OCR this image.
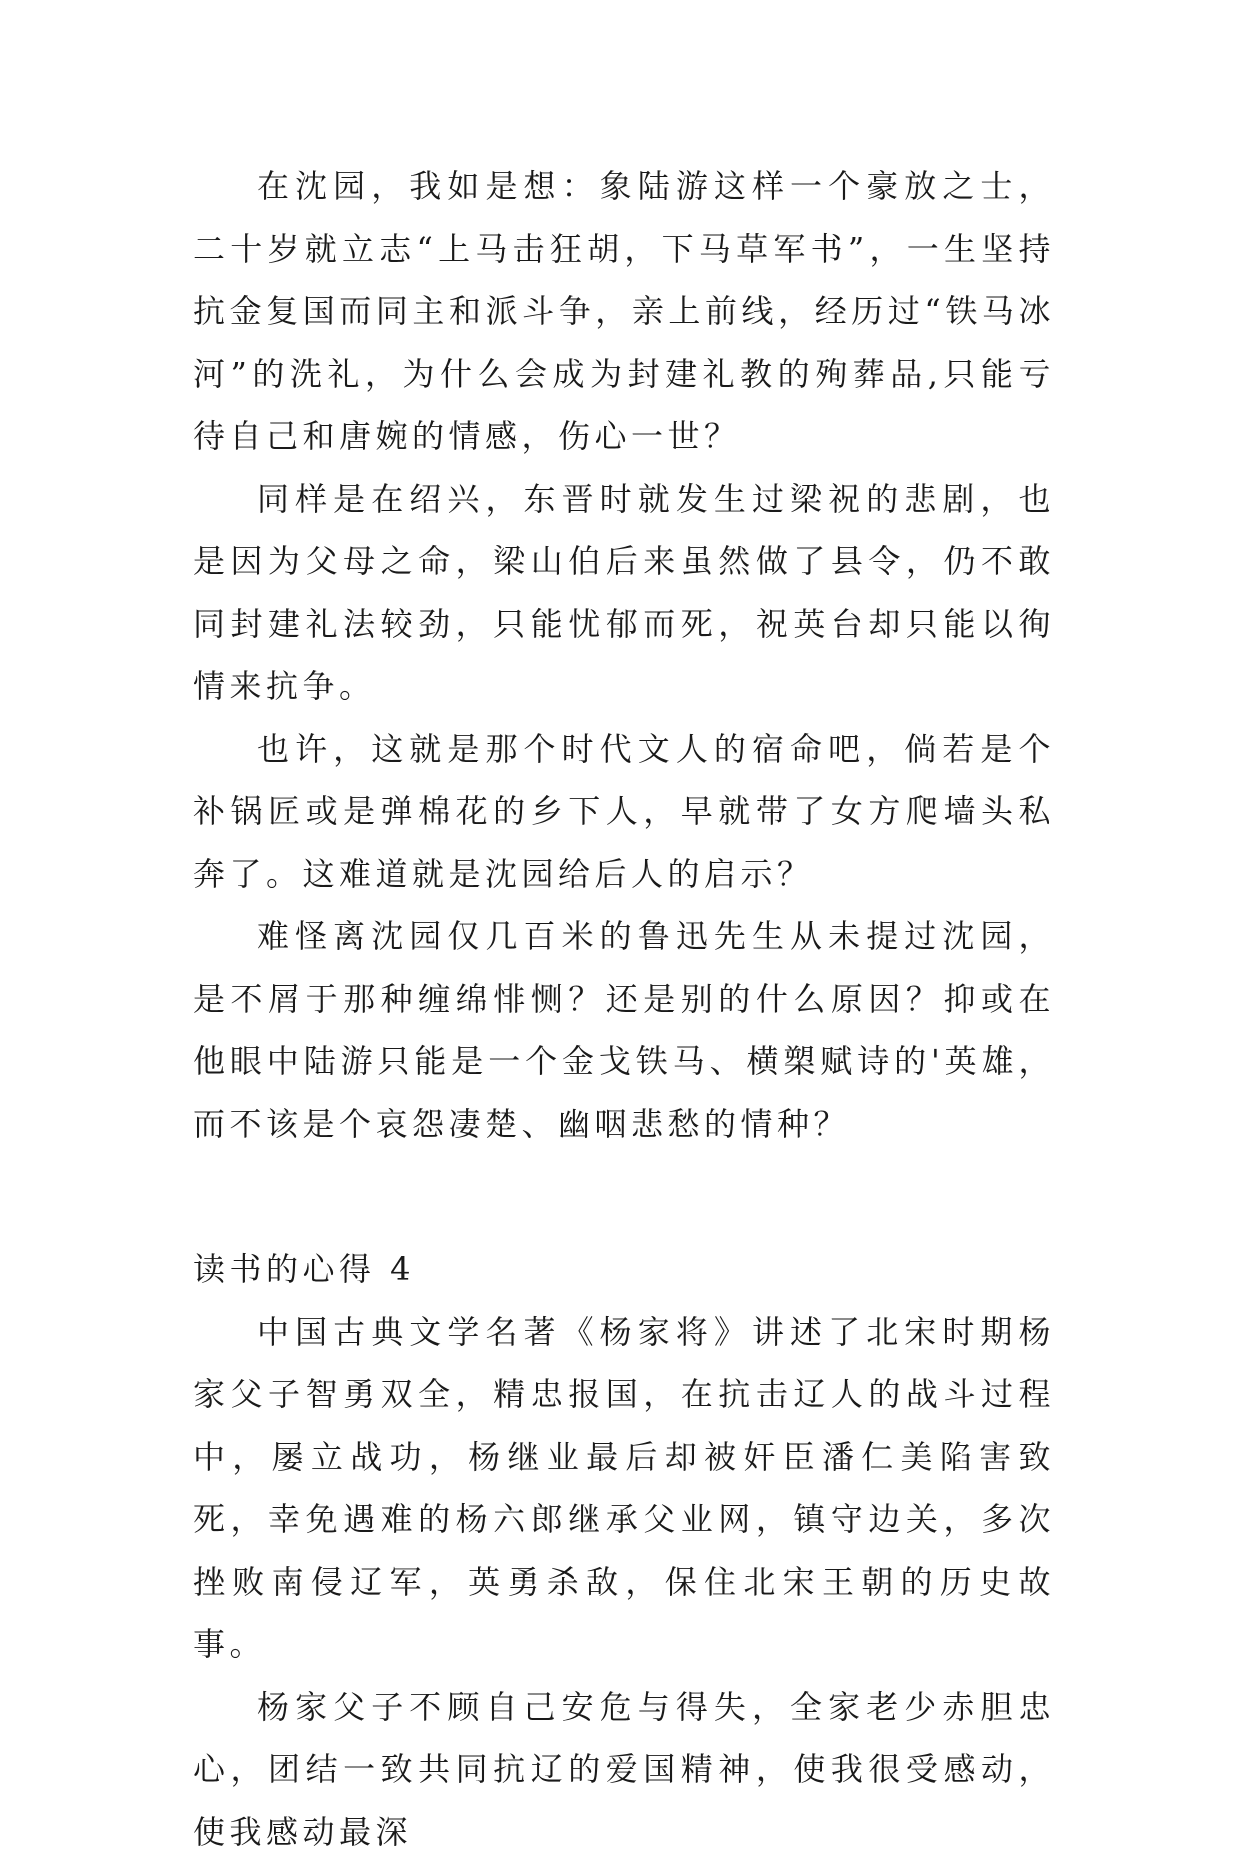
在沈园，我如是想：象陆游这样一个豪放之士，二十岁就立志“上马击狂胡，下马草军书”，一生坚持抗金复国而同主和派斗争，亲上前线，经历过“铁马冰河”的洗礼，为什么会成为封建礼教的殉葬品,只能亏待自己和唐婉的情感，伤心一世？

同样是在绍兴，东晋时就发生过梁祝的悲剧，也是因为父母之命，梁山伯后来虽然做了县令，仍不敢同封建礼法较劲，只能忧郁而死，祝英台却只能以徇情来抗争。

也许，这就是那个时代文人的宿命吧，倘若是个补锅匠或是弹棉花的乡下人，早就带了女方爬墙头私奔了。这难道就是沈园给后人的启示？

难怪离沈园仅几百米的鲁迅先生从未提过沈园，是不屑于那种缠绵悱恻？还是别的什么原因？抑或在他眼中陆游只能是一个金戈铁马、横槊赋诗的'英雄，而不该是个哀怨凄楚、幽咽悲愁的情种？

读书的心得 4

中国古典文学名著《杨家将》讲述了北宋时期杨家父子智勇双全，精忠报国，在抗击辽人的战斗过程中，屡立战功，杨继业最后却被奸臣潘仁美陷害致死，幸免遇难的杨六郎继承父业网，镇守边关，多次挫败南侵辽军，英勇杀敌，保住北宋王朝的历史故事。

杨家父子不顾自己安危与得失，全家老少赤胆忠心，团结一致共同抗辽的爱国精神，使我很受感动，使我感动最深
